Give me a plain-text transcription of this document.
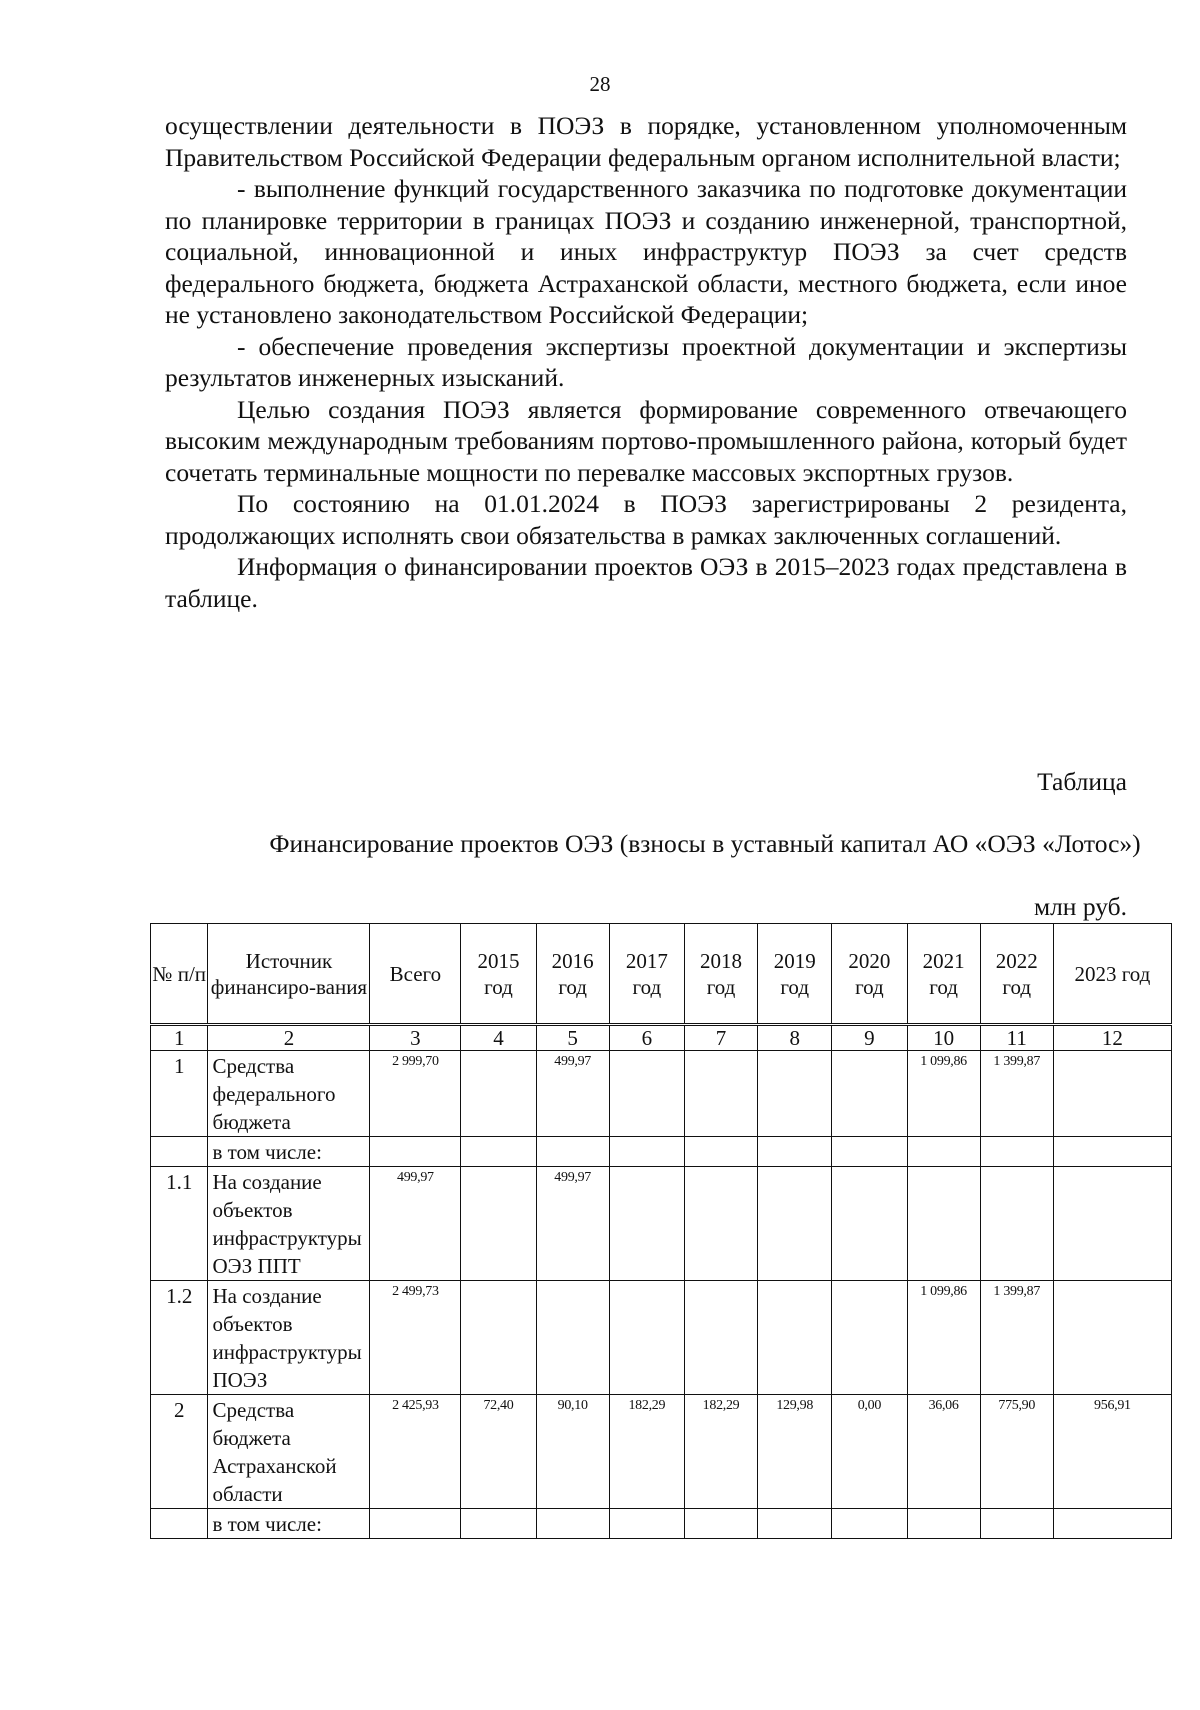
28

осуществлении деятельности в ПОЭЗ в порядке, установленном уполномоченным Правительством Российской Федерации федеральным органом исполнительной власти;

- выполнение функций государственного заказчика по подготовке документации по планировке территории в границах ПОЭЗ и созданию инженерной, транспортной, социальной, инновационной и иных инфраструктур ПОЭЗ за счет средств федерального бюджета, бюджета Астраханской области, местного бюджета, если иное не установлено законодательством Российской Федерации;

- обеспечение проведения экспертизы проектной документации и экспертизы результатов инженерных изысканий.

Целью создания ПОЭЗ является формирование современного отвечающего высоким международным требованиям портово-промышленного района, который будет сочетать терминальные мощности по перевалке массовых экспортных грузов.

По состоянию на 01.01.2024 в ПОЭЗ зарегистрированы 2 резидента, продолжающих исполнять свои обязательства в рамках заключенных соглашений.

Информация о финансировании проектов ОЭЗ в 2015–2023 годах представлена в таблице.

Таблица
Финансирование проектов ОЭЗ (взносы в уставный капитал АО «ОЭЗ «Лотос»)
млн руб.
№ п/п	Источник финансиро-вания	Всего	2015 год	2016 год	2017 год	2018 год	2019 год	2020 год	2021 год	2022 год	2023 год
1	2	3	4	5	6	7	8	9	10	11	12
1	Средства федерального бюджета	2 999,70		499,97					1 099,86	1 399,87	
	в том числе:										
1.1	На создание объектов инфраструктуры ОЭЗ ППТ	499,97		499,97							
1.2	На создание объектов инфраструктуры ПОЭЗ	2 499,73							1 099,86	1 399,87	
2	Средства бюджета Астраханской области	2 425,93	72,40	90,10	182,29	182,29	129,98	0,00	36,06	775,90	956,91
	в том числе:										
